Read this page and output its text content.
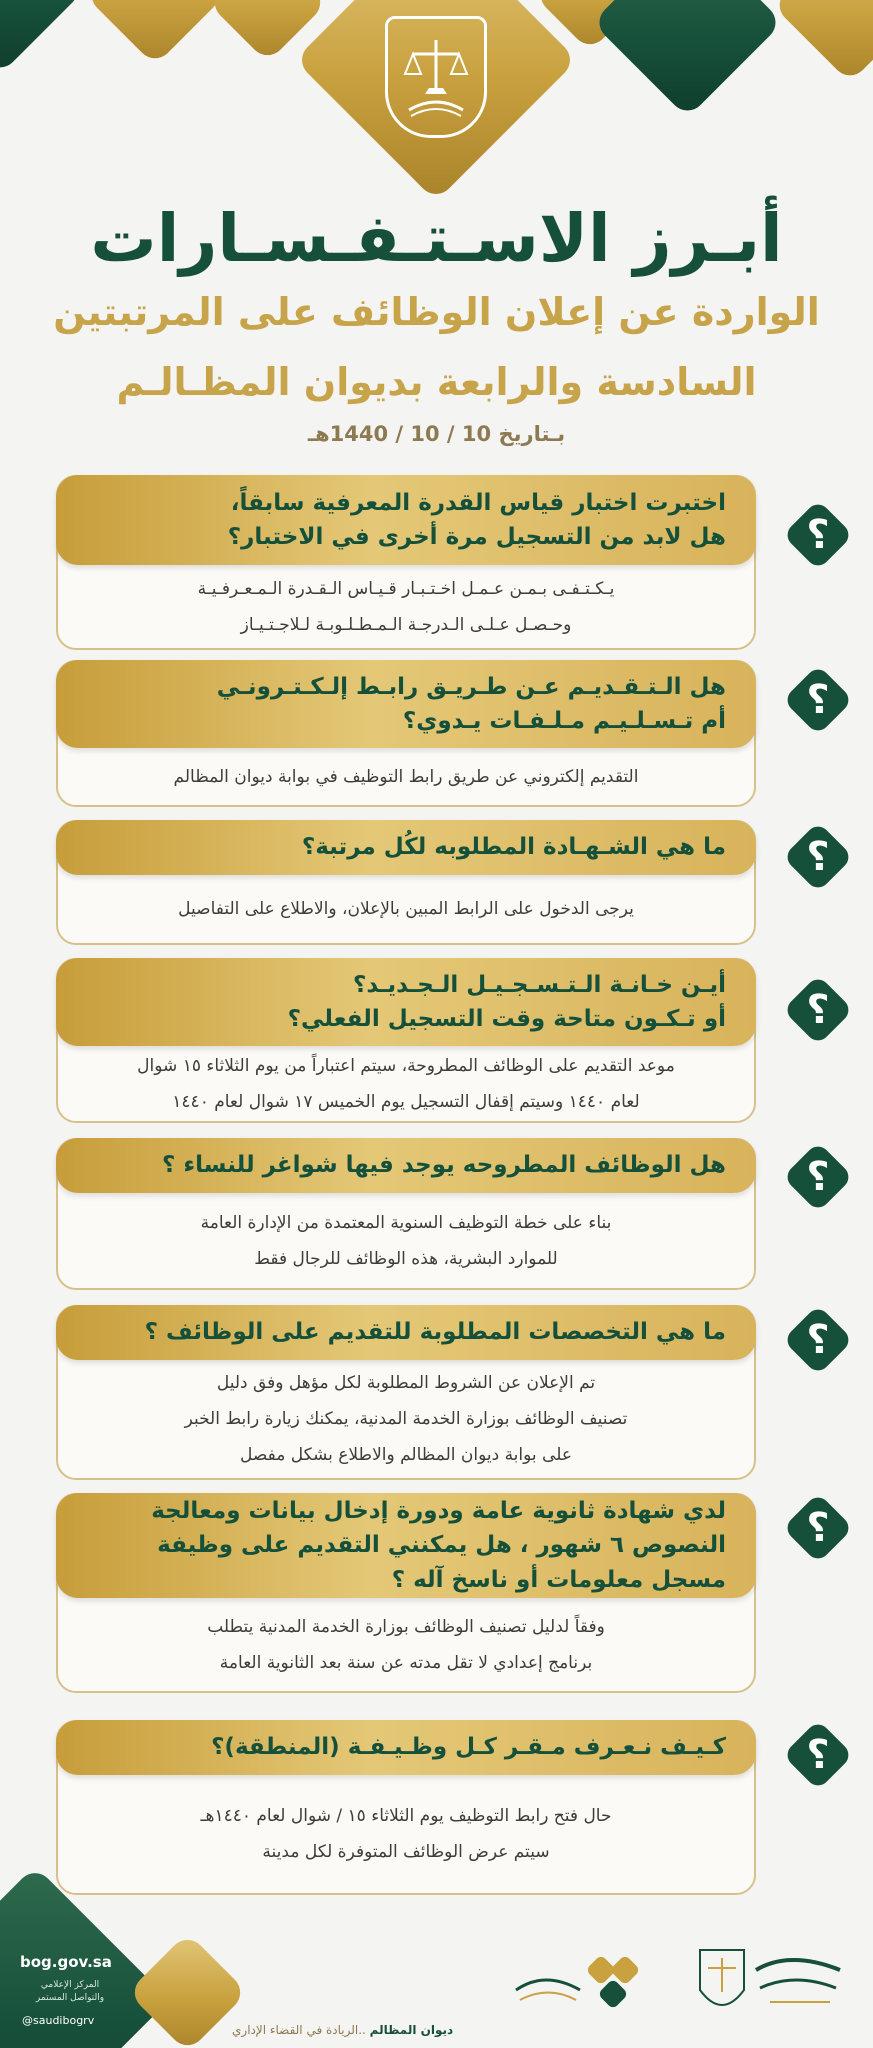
أبـرز الاسـتـفـسـارات
الواردة عن إعلان الوظائف على المرتبتين
السادسة والرابعة بديوان المظـالـم
بـتاريخ 10 / 10 / 1440هـ
اختبرت اختبار قياس القدرة المعرفية سابقاً،
هل لابد من التسجيل مرة أخرى في الاختبار؟
يـكـتـفـى بـمـن عـمـل اخـتـبـار قـيـاس الـقـدرة الـمـعـرفـيـة
وحـصـل عـلـى الـدرجـة الـمـطـلـوبـة لـلاجـتـيـاز
؟
هل الـتـقـديـم عـن طـريـق رابـط إلـكـتـرونـي
أم تـسـلـيـم مـلـفـات يـدوي؟
التقديم إلكتروني عن طريق رابط التوظيف في بوابة ديوان المظالم
؟
ما هي الشـهـادة المطلوبه لكُل مرتبة؟
يرجى الدخول على الرابط المبين بالإعلان، والاطلاع على التفاصيل
؟
أيـن خـانـة الـتـسـجـيـل الـجـديـد؟
أو تـكـون متاحة وقت التسجيل الفعلي؟
موعد التقديم على الوظائف المطروحة، سيتم اعتباراً من يوم الثلاثاء ١٥ شوال
لعام ١٤٤٠ وسيتم إقفال التسجيل يوم الخميس ١٧ شوال لعام ١٤٤٠
؟
هل الوظائف المطروحه يوجد فيها شواغر للنساء ؟
بناء على خطة التوظيف السنوية المعتمدة من الإدارة العامة
للموارد البشرية، هذه الوظائف للرجال فقط
؟
ما هي التخصصات المطلوبة للتقديم على الوظائف ؟
تم الإعلان عن الشروط المطلوبة لكل مؤهل وفق دليل
تصنيف الوظائف بوزارة الخدمة المدنية، يمكنك زيارة رابط الخبر
على بوابة ديوان المظالم والاطلاع بشكل مفصل
؟
لدي شهادة ثانوية عامة ودورة إدخال بيانات ومعالجة
النصوص ٦ شهور ، هل يمكنني التقديم على وظيفة
مسجل معلومات أو ناسخ آله ؟
وفقاً لدليل تصنيف الوظائف بوزارة الخدمة المدنية يتطلب
برنامج إعدادي لا تقل مدته عن سنة بعد الثانوية العامة
؟
كـيـف نـعـرف مـقـر كـل وظـيـفـة (المنطقة)؟
حال فتح رابط التوظيف يوم الثلاثاء ١٥ / شوال لعام ١٤٤٠هـ
سيتم عرض الوظائف المتوفرة لكل مدينة
؟
bog.gov.sa
المركز الإعلامي
والتواصل المستمر
@saudibogrv
ديوان المظالم ..الريادة في القضاء الإداري
